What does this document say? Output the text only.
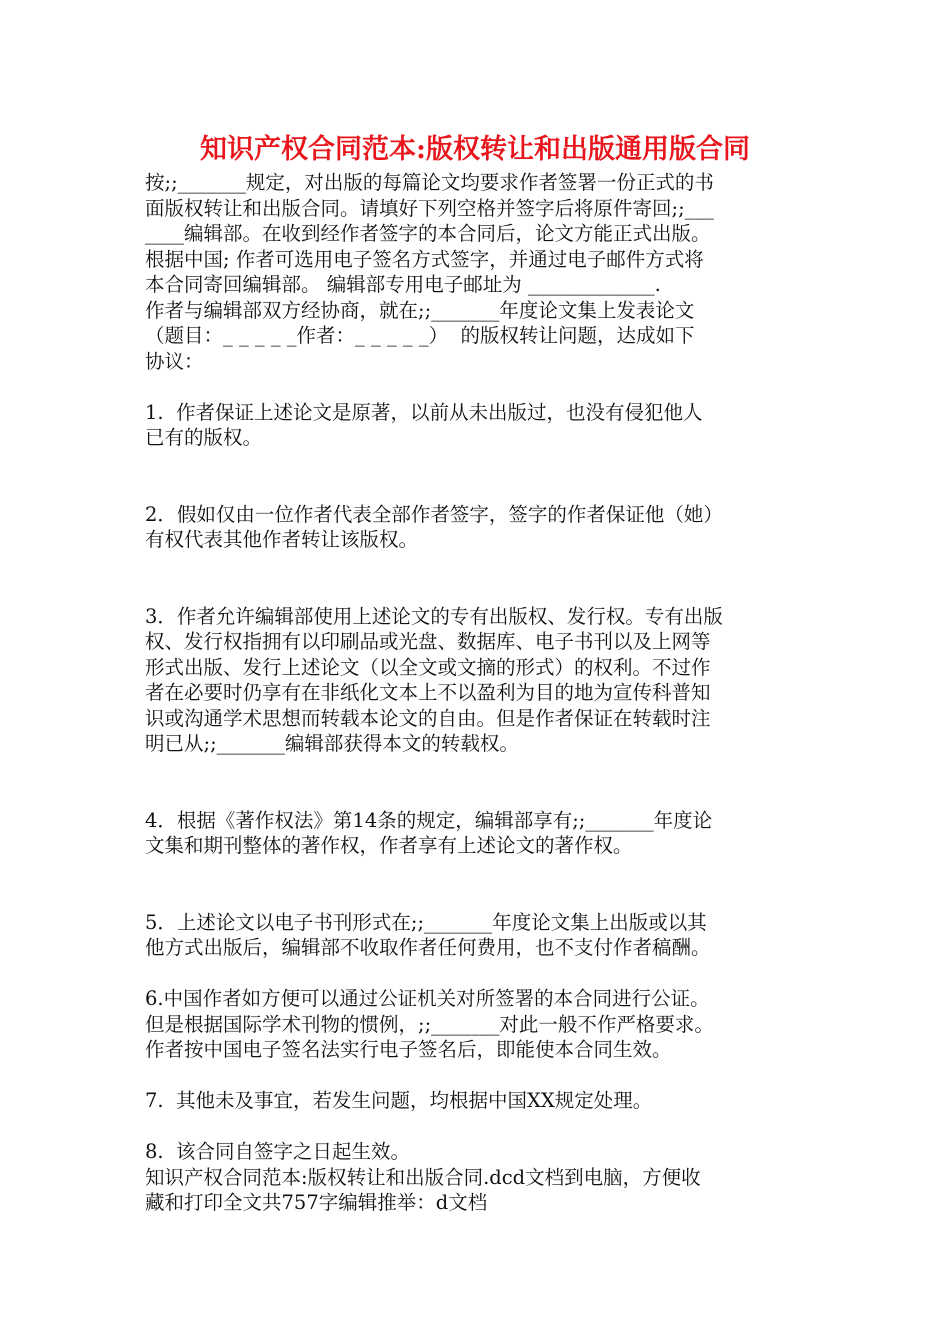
知识产权合同范本:版权转让和出版通用版合同
按;;_______规定，对出版的每篇论文均要求作者签署一份正式的书
面版权转让和出版合同。请填好下列空格并签字后将原件寄回;;___
____编辑部。在收到经作者签字的本合同后，论文方能正式出版。
根据中国; 作者可选用电子签名方式签字，并通过电子邮件方式将
本合同寄回编辑部。 编辑部专用电子邮址为 _____________.
作者与编辑部双方经协商，就在;;_______年度论文集上发表论文
（题目：_ _ _ _ _作者：_ _ _ _ _）  的版权转让问题，达成如下
协议：
1.  作者保证上述论文是原著，以前从未出版过，也没有侵犯他人
已有的版权。
2．假如仅由一位作者代表全部作者签字，签字的作者保证他（她）
有权代表其他作者转让该版权。
3．作者允许编辑部使用上述论文的专有出版权、发行权。专有出版
权、发行权指拥有以印刷品或光盘、数据库、电子书刊以及上网等
形式出版、发行上述论文（以全文或文摘的形式）的权利。不过作
者在必要时仍享有在非纸化文本上不以盈利为目的地为宣传科普知
识或沟通学术思想而转载本论文的自由。但是作者保证在转载时注
明已从;;_______编辑部获得本文的转载权。
4．根据《著作权法》第14条的规定，编辑部享有;;_______年度论
文集和期刊整体的著作权，作者享有上述论文的著作权。
5．上述论文以电子书刊形式在;;_______年度论文集上出版或以其
他方式出版后，编辑部不收取作者任何费用，也不支付作者稿酬。
6.中国作者如方便可以通过公证机关对所签署的本合同进行公证。
但是根据国际学术刊物的惯例，;;_______对此一般不作严格要求。
作者按中国电子签名法实行电子签名后，即能使本合同生效。
7.  其他未及事宜，若发生问题，均根据中国XX规定处理。
8.  该合同自签字之日起生效。
知识产权合同范本:版权转让和出版合同.dcd文档到电脑，方便收
藏和打印全文共757字编辑推举：d文档
